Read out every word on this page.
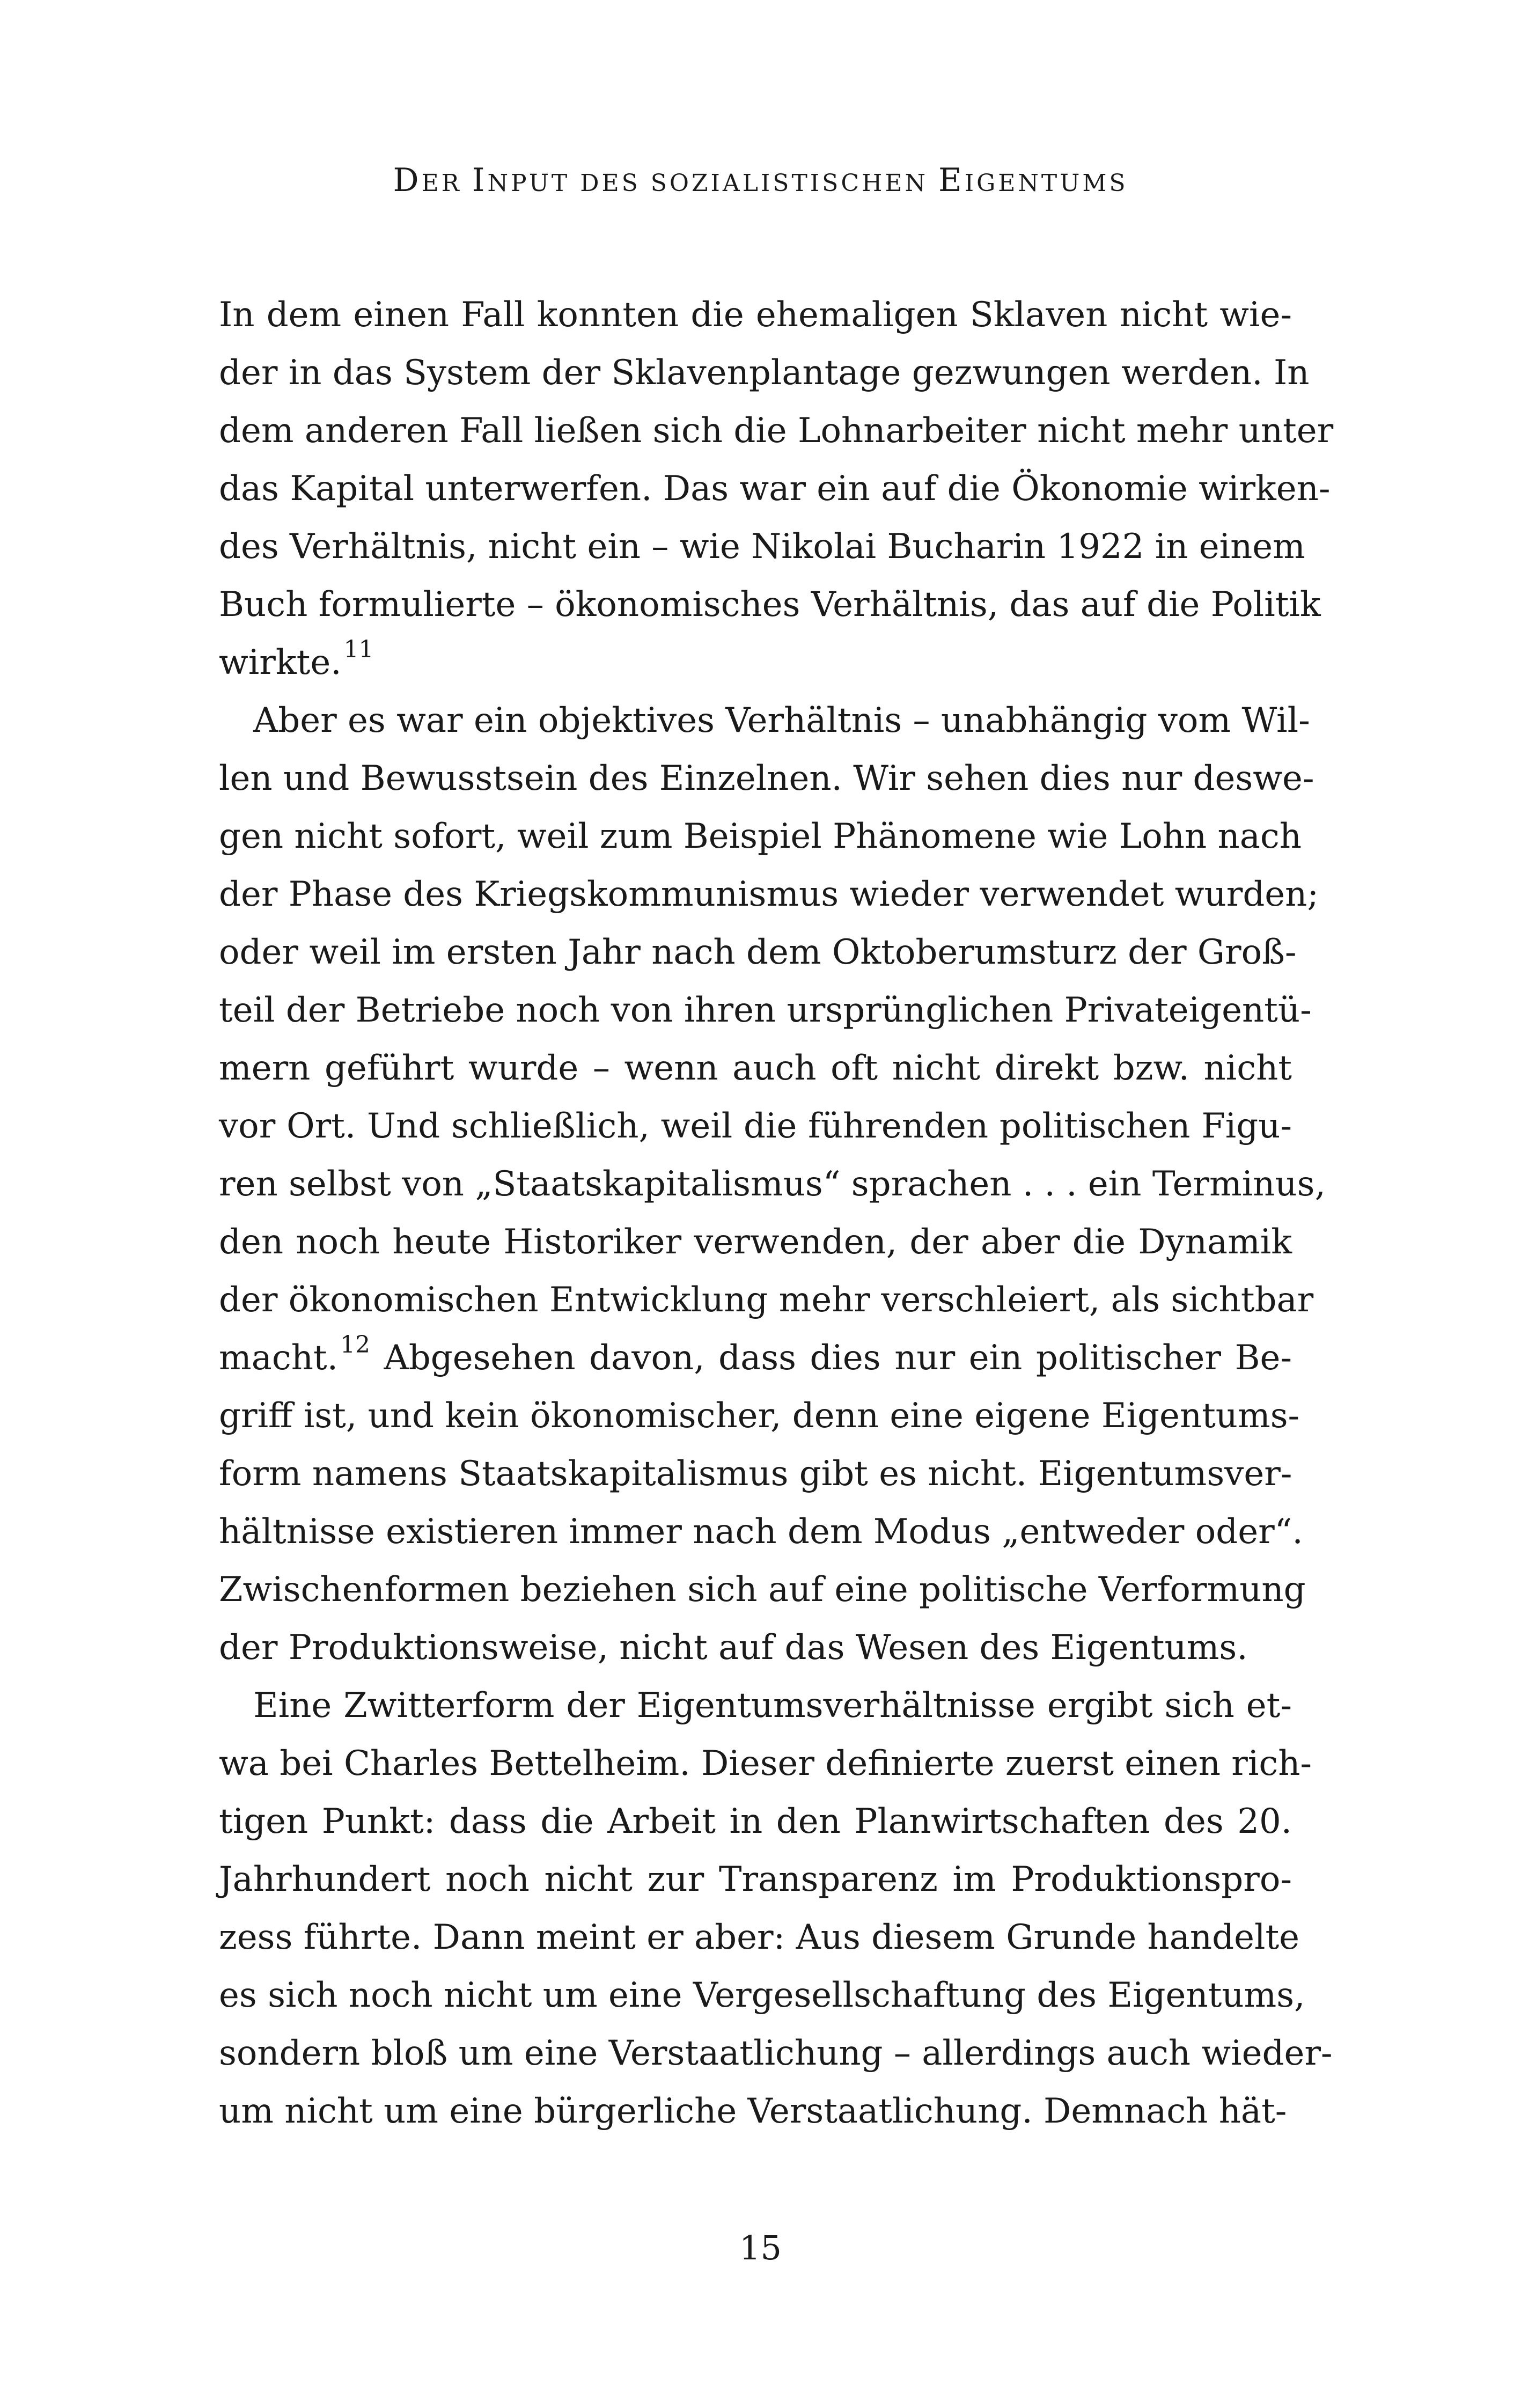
DER INPUT DES SOZIALISTISCHEN EIGENTUMS
In dem einen Fall konnten die ehemaligen Sklaven nicht wie-
der in das System der Sklavenplantage gezwungen werden. In
dem anderen Fall ließen sich die Lohnarbeiter nicht mehr unter
das Kapital unterwerfen. Das war ein auf die Ökonomie wirken-
des Verhältnis, nicht ein – wie Nikolai Bucharin 1922 in einem
Buch formulierte – ökonomisches Verhältnis, das auf die Politik
wirkte.$^{11}$
Aber es war ein objektives Verhältnis – unabhängig vom Wil-
len und Bewusstsein des Einzelnen. Wir sehen dies nur deswe-
gen nicht sofort, weil zum Beispiel Phänomene wie Lohn nach
der Phase des Kriegskommunismus wieder verwendet wurden;
oder weil im ersten Jahr nach dem Oktoberumsturz der Groß-
teil der Betriebe noch von ihren ursprünglichen Privateigentü-
mern geführt wurde – wenn auch oft nicht direkt bzw. nicht
vor Ort. Und schließlich, weil die führenden politischen Figu-
ren selbst von „Staatskapitalismus“ sprachen . . . ein Terminus,
den noch heute Historiker verwenden, der aber die Dynamik
der ökonomischen Entwicklung mehr verschleiert, als sichtbar
macht.$^{12}$ Abgesehen davon, dass dies nur ein politischer Be-
griff ist, und kein ökonomischer, denn eine eigene Eigentums-
form namens Staatskapitalismus gibt es nicht. Eigentumsver-
hältnisse existieren immer nach dem Modus „entweder oder“.
Zwischenformen beziehen sich auf eine politische Verformung
der Produktionsweise, nicht auf das Wesen des Eigentums.
Eine Zwitterform der Eigentumsverhältnisse ergibt sich et-
wa bei Charles Bettelheim. Dieser definierte zuerst einen rich-
tigen Punkt: dass die Arbeit in den Planwirtschaften des 20.
Jahrhundert noch nicht zur Transparenz im Produktionspro-
zess führte. Dann meint er aber: Aus diesem Grunde handelte
es sich noch nicht um eine Vergesellschaftung des Eigentums,
sondern bloß um eine Verstaatlichung – allerdings auch wieder-
um nicht um eine bürgerliche Verstaatlichung. Demnach hät-
15
